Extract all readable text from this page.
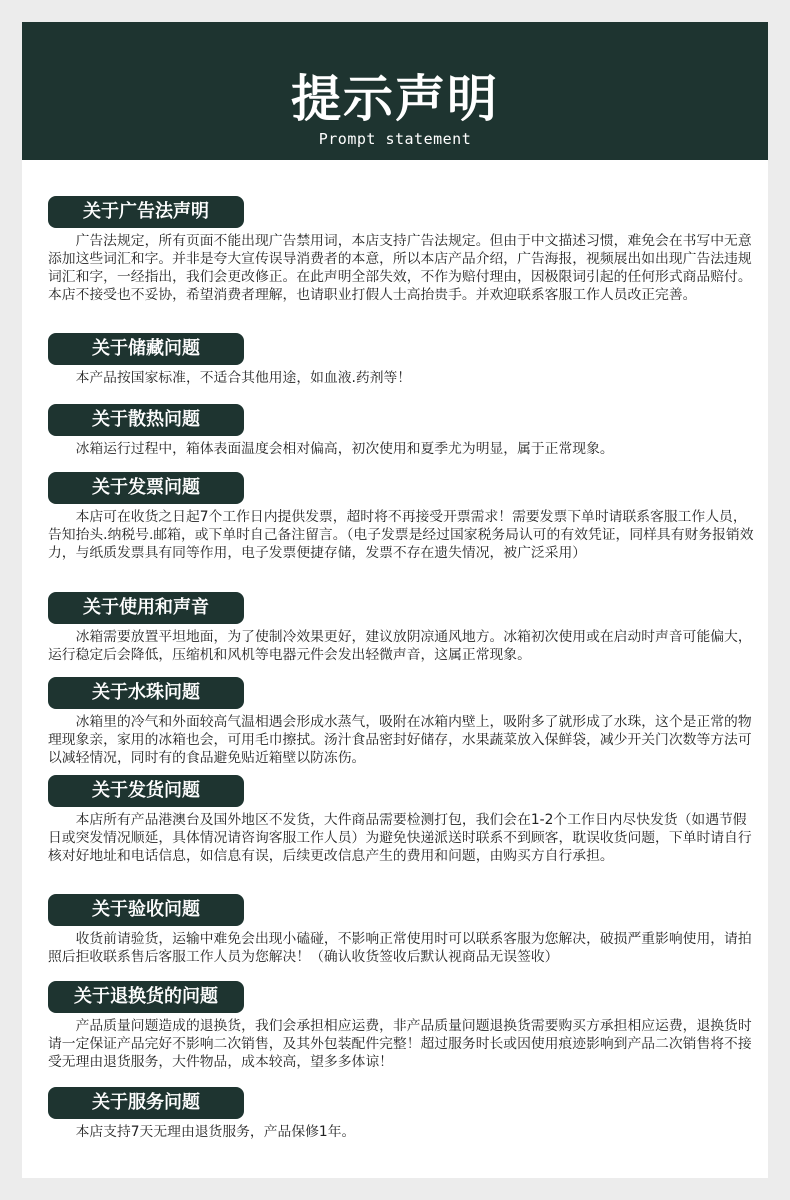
提示声明
Prompt statement
关于广告法声明
广告法规定，所有页面不能出现广告禁用词，本店支持广告法规定。但由于中文描述习惯，难免会在书写中无意添加这些词汇和字。并非是夸大宣传误导消费者的本意，所以本店产品介绍，广告海报，视频展出如出现广告法违规词汇和字，一经指出，我们会更改修正。在此声明全部失效，不作为赔付理由，因极限词引起的任何形式商品赔付。本店不接受也不妥协，希望消费者理解，也请职业打假人士高抬贵手。并欢迎联系客服工作人员改正完善。
关于储藏问题
本产品按国家标准，不适合其他用途，如血液.药剂等！
关于散热问题
冰箱运行过程中，箱体表面温度会相对偏高，初次使用和夏季尤为明显，属于正常现象。
关于发票问题
本店可在收货之日起7个工作日内提供发票，超时将不再接受开票需求！需要发票下单时请联系客服工作人员，告知抬头.纳税号.邮箱，或下单时自己备注留言。（电子发票是经过国家税务局认可的有效凭证，同样具有财务报销效力，与纸质发票具有同等作用，电子发票便捷存储，发票不存在遗失情况，被广泛采用）
关于使用和声音
冰箱需要放置平坦地面，为了使制冷效果更好，建议放阴凉通风地方。冰箱初次使用或在启动时声音可能偏大，运行稳定后会降低，压缩机和风机等电器元件会发出轻微声音，这属正常现象。
关于水珠问题
冰箱里的冷气和外面较高气温相遇会形成水蒸气，吸附在冰箱内壁上，吸附多了就形成了水珠，这个是正常的物理现象亲，家用的冰箱也会，可用毛巾擦拭。汤汁食品密封好储存，水果蔬菜放入保鲜袋，减少开关门次数等方法可以减轻情况，同时有的食品避免贴近箱壁以防冻伤。
关于发货问题
本店所有产品港澳台及国外地区不发货，大件商品需要检测打包，我们会在1-2个工作日内尽快发货（如遇节假日或突发情况顺延，具体情况请咨询客服工作人员）为避免快递派送时联系不到顾客，耽误收货问题，下单时请自行核对好地址和电话信息，如信息有误，后续更改信息产生的费用和问题，由购买方自行承担。
关于验收问题
收货前请验货，运输中难免会出现小磕碰，不影响正常使用时可以联系客服为您解决，破损严重影响使用，请拍照后拒收联系售后客服工作人员为您解决！（确认收货签收后默认视商品无误签收）
关于退换货的问题
产品质量问题造成的退换货，我们会承担相应运费，非产品质量问题退换货需要购买方承担相应运费，退换货时请一定保证产品完好不影响二次销售，及其外包装配件完整！超过服务时长或因使用痕迹影响到产品二次销售将不接受无理由退货服务，大件物品，成本较高，望多多体谅！
关于服务问题
本店支持7天无理由退货服务，产品保修1年。
